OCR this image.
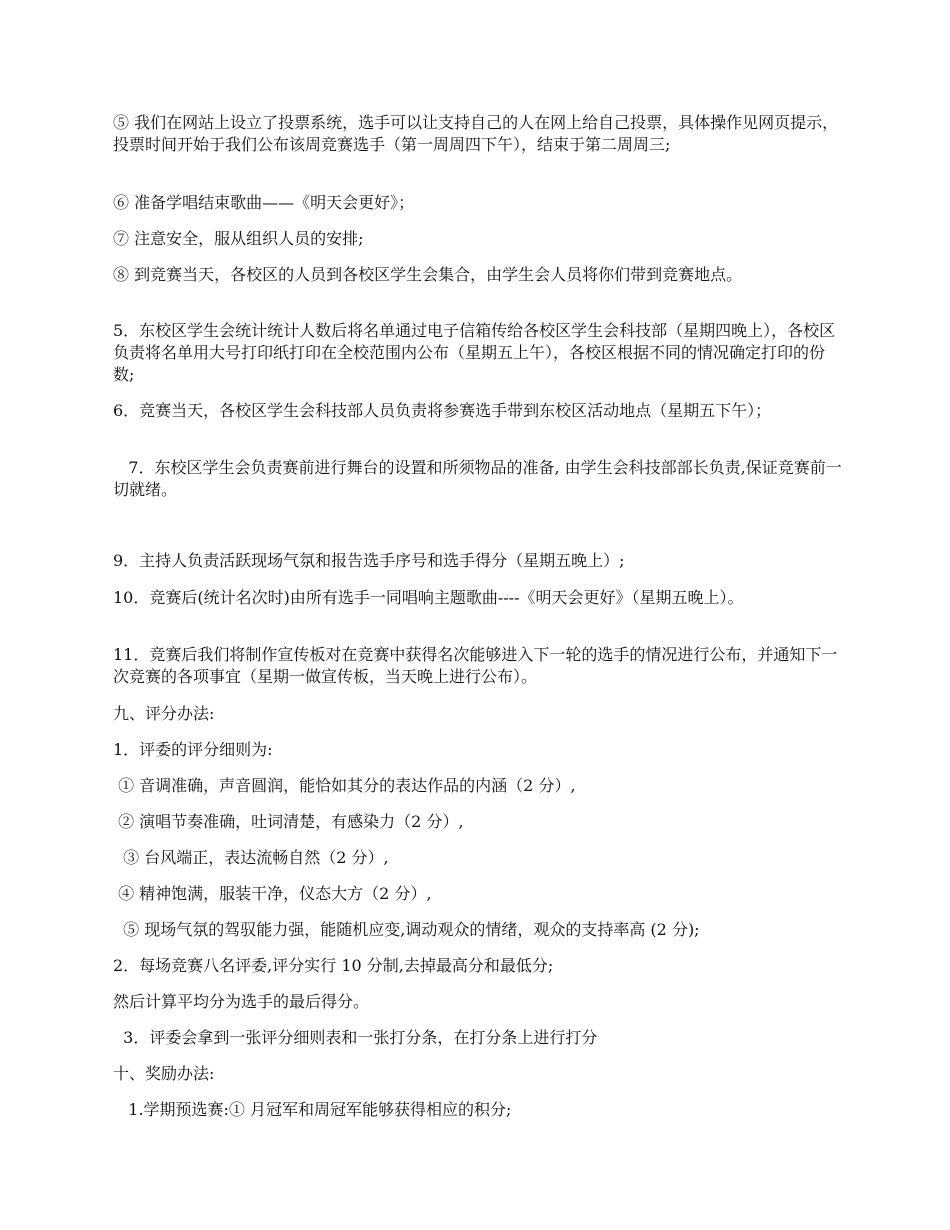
⑤ 我们在网站上设立了投票系统，选手可以让支持自己的人在网上给自己投票，具体操作见网页提示，投票时间开始于我们公布该周竞赛选手（第一周周四下午），结束于第二周周三;

⑥ 准备学唱结束歌曲——《明天会更好》；

⑦ 注意安全，服从组织人员的安排;

⑧ 到竞赛当天，各校区的人员到各校区学生会集合，由学生会人员将你们带到竞赛地点。

5．东校区学生会统计统计人数后将名单通过电子信箱传给各校区学生会科技部（星期四晚上），各校区负责将名单用大号打印纸打印在全校范围内公布（星期五上午），各校区根据不同的情况确定打印的份数;

6．竞赛当天，各校区学生会科技部人员负责将参赛选手带到东校区活动地点（星期五下午）；

7．东校区学生会负责赛前进行舞台的设置和所须物品的准备, 由学生会科技部部长负责,保证竞赛前一切就绪。

9．主持人负责活跃现场气氛和报告选手序号和选手得分（星期五晚上）;

10．竞赛后(统计名次时)由所有选手一同唱响主题歌曲----《明天会更好》（星期五晚上）。

11．竞赛后我们将制作宣传板对在竞赛中获得名次能够进入下一轮的选手的情况进行公布，并通知下一次竞赛的各项事宜（星期一做宣传板，当天晚上进行公布）。

九、评分办法:

1．评委的评分细则为:

① 音调准确，声音圆润，能恰如其分的表达作品的内涵（2 分）,

② 演唱节奏准确，吐词清楚，有感染力（2 分）,

③ 台风端正，表达流畅自然（2 分）,

④ 精神饱满，服装干净，仪态大方（2 分）,

⑤ 现场气氛的驾驭能力强，能随机应变,调动观众的情绪，观众的支持率高 (2 分);

2．每场竞赛八名评委,评分实行 10 分制,去掉最高分和最低分;

然后计算平均分为选手的最后得分。

3．评委会拿到一张评分细则表和一张打分条，在打分条上进行打分

十、奖励办法:

1.学期预选赛:① 月冠军和周冠军能够获得相应的积分;
